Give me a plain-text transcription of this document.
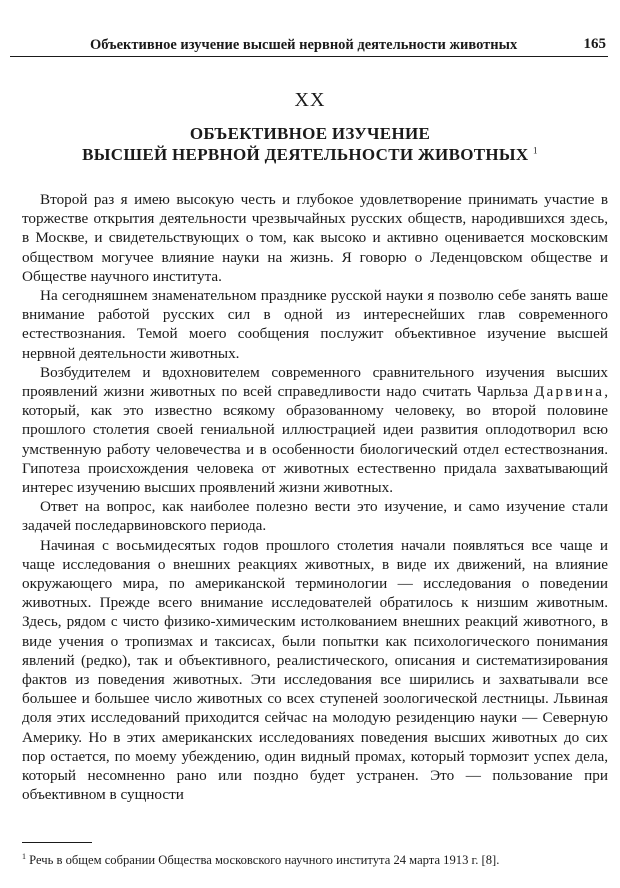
Объективное изучение высшей нервной деятельности животных	165
XX
ОБЪЕКТИВНОЕ ИЗУЧЕНИЕ
ВЫСШЕЙ НЕРВНОЙ ДЕЯТЕЛЬНОСТИ ЖИВОТНЫХ $^1$

Второй раз я имею высокую честь и глубокое удовлетворение принимать участие в торжестве открытия деятельности чрезвычайных русских обществ, народившихся здесь, в Москве, и свидетельствующих о том, как высоко и активно оценивается московским обществом могучее влияние науки на жизнь. Я говорю о Леденцовском обществе и Обществе научного института.

На сегодняшнем знаменательном празднике русской науки я позволю себе занять ваше внимание работой русских сил в одной из интереснейших глав современного естествознания. Темой моего сообщения послужит объективное изучение высшей нервной деятельности животных.

Возбудителем и вдохновителем современного сравнительного изучения высших проявлений жизни животных по всей справедливости надо считать Чарльза Дарвина, который, как это известно всякому образованному человеку, во второй половине прошлого столетия своей гениальной иллюстрацией идеи развития оплодотворил всю умственную работу человечества и в особенности биологический отдел естествознания. Гипотеза происхождения человека от животных естественно придала захватывающий интерес изучению высших проявлений жизни животных.

Ответ на вопрос, как наиболее полезно вести это изучение, и само изучение стали задачей последарвиновского периода.

Начиная с восьмидесятых годов прошлого столетия начали появляться все чаще и чаще исследования о внешних реакциях животных, в виде их движений, на влияние окружающего мира, по американской терминологии — исследования о поведении животных. Прежде всего внимание исследователей обратилось к низшим животным. Здесь, рядом с чисто физико-химическим истолкованием внешних реакций животного, в виде учения о тропизмах и таксисах, были попытки как психологического понимания явлений (редко), так и объективного, реалистического, описания и систематизирования фактов из поведения животных. Эти исследования все ширились и захватывали все большее и большее число животных со всех ступеней зоологической лестницы. Львиная доля этих исследований приходится сейчас на молодую резиденцию науки — Северную Америку. Но в этих американских исследованиях поведения высших животных до сих пор остается, по моему убеждению, один видный промах, который тормозит успех дела, который несомненно рано или поздно будет устранен. Это — пользование при объективном в сущности

$^1$ Речь в общем собрании Общества московского научного института 24 марта 1913 г. [8].
